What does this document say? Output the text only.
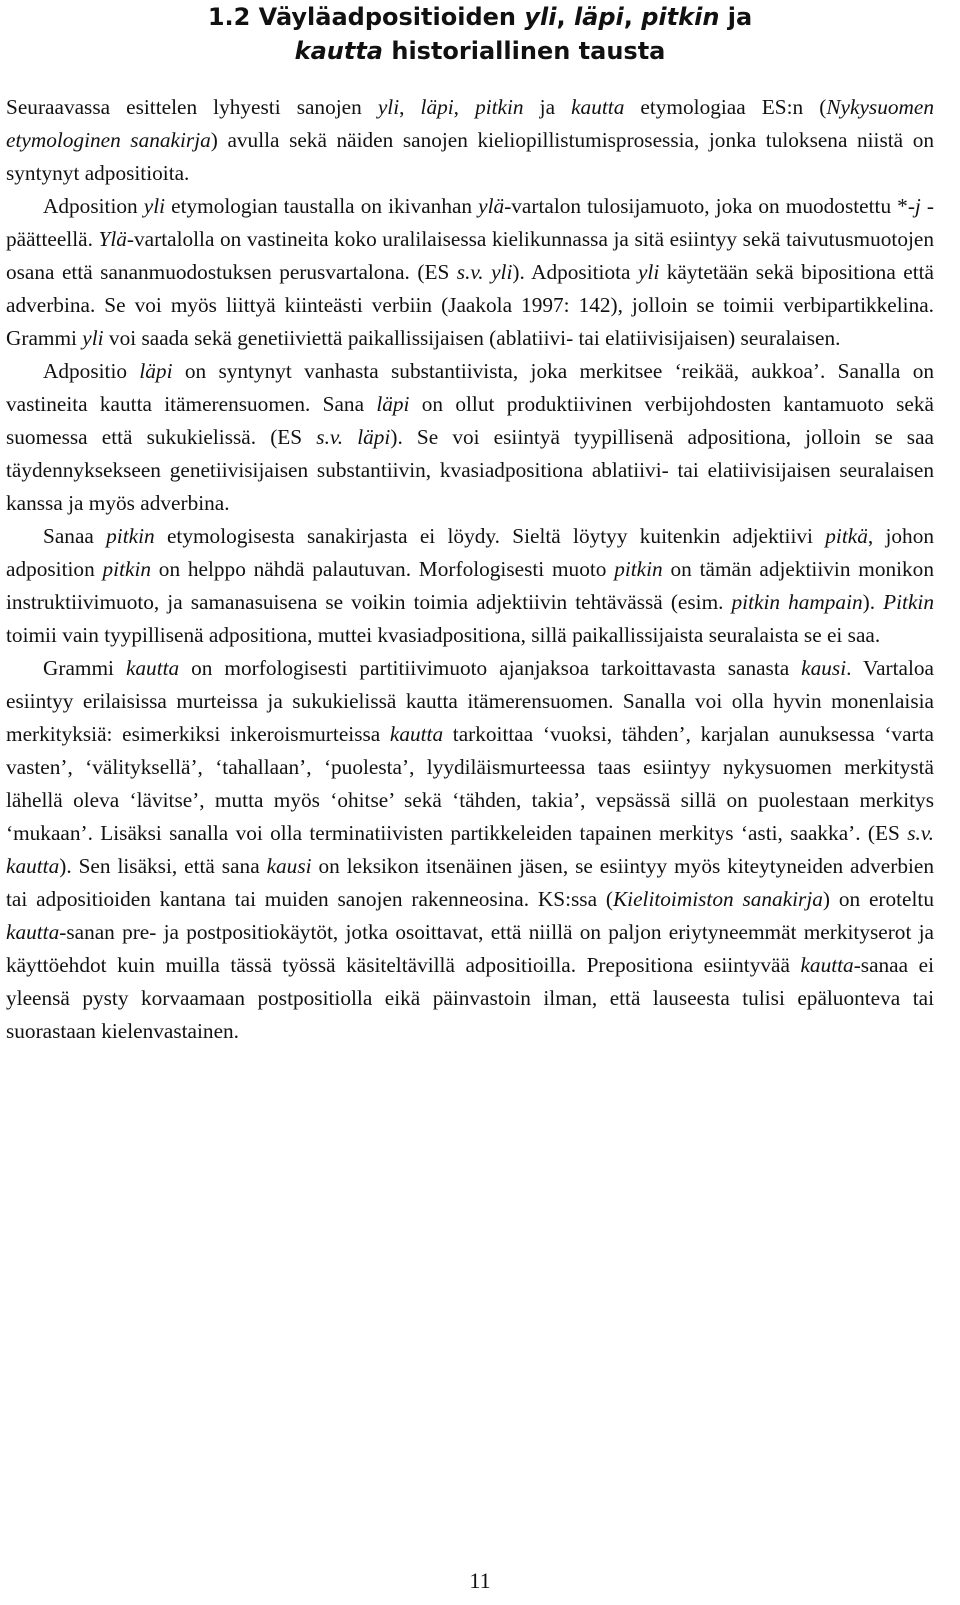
1.2 Väyläadpositioiden yli, läpi, pitkin ja
kautta historiallinen tausta

Seuraavassa esittelen lyhyesti sanojen yli, läpi, pitkin ja kautta etymologiaa ES:n (Nykysuomen etymologinen sanakirja) avulla sekä näiden sanojen kieliopillistumisprosessia, jonka tuloksena niistä on syntynyt adpositioita.

Adposition yli etymologian taustalla on ikivanhan ylä-vartalon tulosijamuoto, joka on muodostettu *-j -päätteellä. Ylä-vartalolla on vastineita koko uralilaisessa kielikunnassa ja sitä esiintyy sekä taivutusmuotojen osana että sananmuodostuksen perusvartalona. (ES s.v. yli). Adpositiota yli käytetään sekä bipositiona että adverbina. Se voi myös liittyä kiinteästi verbiin (Jaakola 1997: 142), jolloin se toimii verbipartikkelina. Grammi yli voi saada sekä genetiiviettä paikallissijaisen (ablatiivi- tai elatiivisijaisen) seuralaisen.

Adpositio läpi on syntynyt vanhasta substantiivista, joka merkitsee ‘reikää, aukkoa’. Sanalla on vastineita kautta itämerensuomen. Sana läpi on ollut produktiivinen verbijohdosten kantamuoto sekä suomessa että sukukielissä. (ES s.v. läpi). Se voi esiintyä tyypillisenä adpositiona, jolloin se saa täydennyksekseen genetiivisijaisen substantiivin, kvasiadpositiona ablatiivi- tai elatiivisijaisen seuralaisen kanssa ja myös adverbina.

Sanaa pitkin etymologisesta sanakirjasta ei löydy. Sieltä löytyy kuitenkin adjektiivi pitkä, johon adposition pitkin on helppo nähdä palautuvan. Morfologisesti muoto pitkin on tämän adjektiivin monikon instruktiivimuoto, ja samanasuisena se voikin toimia adjektiivin tehtävässä (esim. pitkin hampain). Pitkin toimii vain tyypillisenä adpositiona, muttei kvasiadpositiona, sillä paikallissijaista seuralaista se ei saa.

Grammi kautta on morfologisesti partitiivimuoto ajanjaksoa tarkoittavasta sanasta kausi. Vartaloa esiintyy erilaisissa murteissa ja sukukielissä kautta itämerensuomen. Sanalla voi olla hyvin monenlaisia merkityksiä: esimerkiksi inkeroismurteissa kautta tarkoittaa ‘vuoksi, tähden’, karjalan aunuksessa ‘varta vasten’, ‘välityksellä’, ‘tahallaan’, ‘puolesta’, lyydiläismurteessa taas esiintyy nykysuomen merkitystä lähellä oleva ‘lävitse’, mutta myös ‘ohitse’ sekä ‘tähden, takia’, vepsässä sillä on puolestaan merkitys ‘mukaan’. Lisäksi sanalla voi olla terminatiivisten partikkeleiden tapainen merkitys ‘asti, saakka’. (ES s.v. kautta). Sen lisäksi, että sana kausi on leksikon itsenäinen jäsen, se esiintyy myös kiteytyneiden adverbien tai adpositioiden kantana tai muiden sanojen rakenneosina. KS:ssa (Kielitoimiston sanakirja) on eroteltu kautta-sanan pre- ja postpositiokäytöt, jotka osoittavat, että niillä on paljon eriytyneemmät merkityserot ja käyttöehdot kuin muilla tässä työssä käsiteltävillä adpositioilla. Prepositiona esiintyvää kautta-sanaa ei yleensä pysty korvaamaan postpositiolla eikä päinvastoin ilman, että lauseesta tulisi epäluonteva tai suorastaan kielenvastainen.

11
